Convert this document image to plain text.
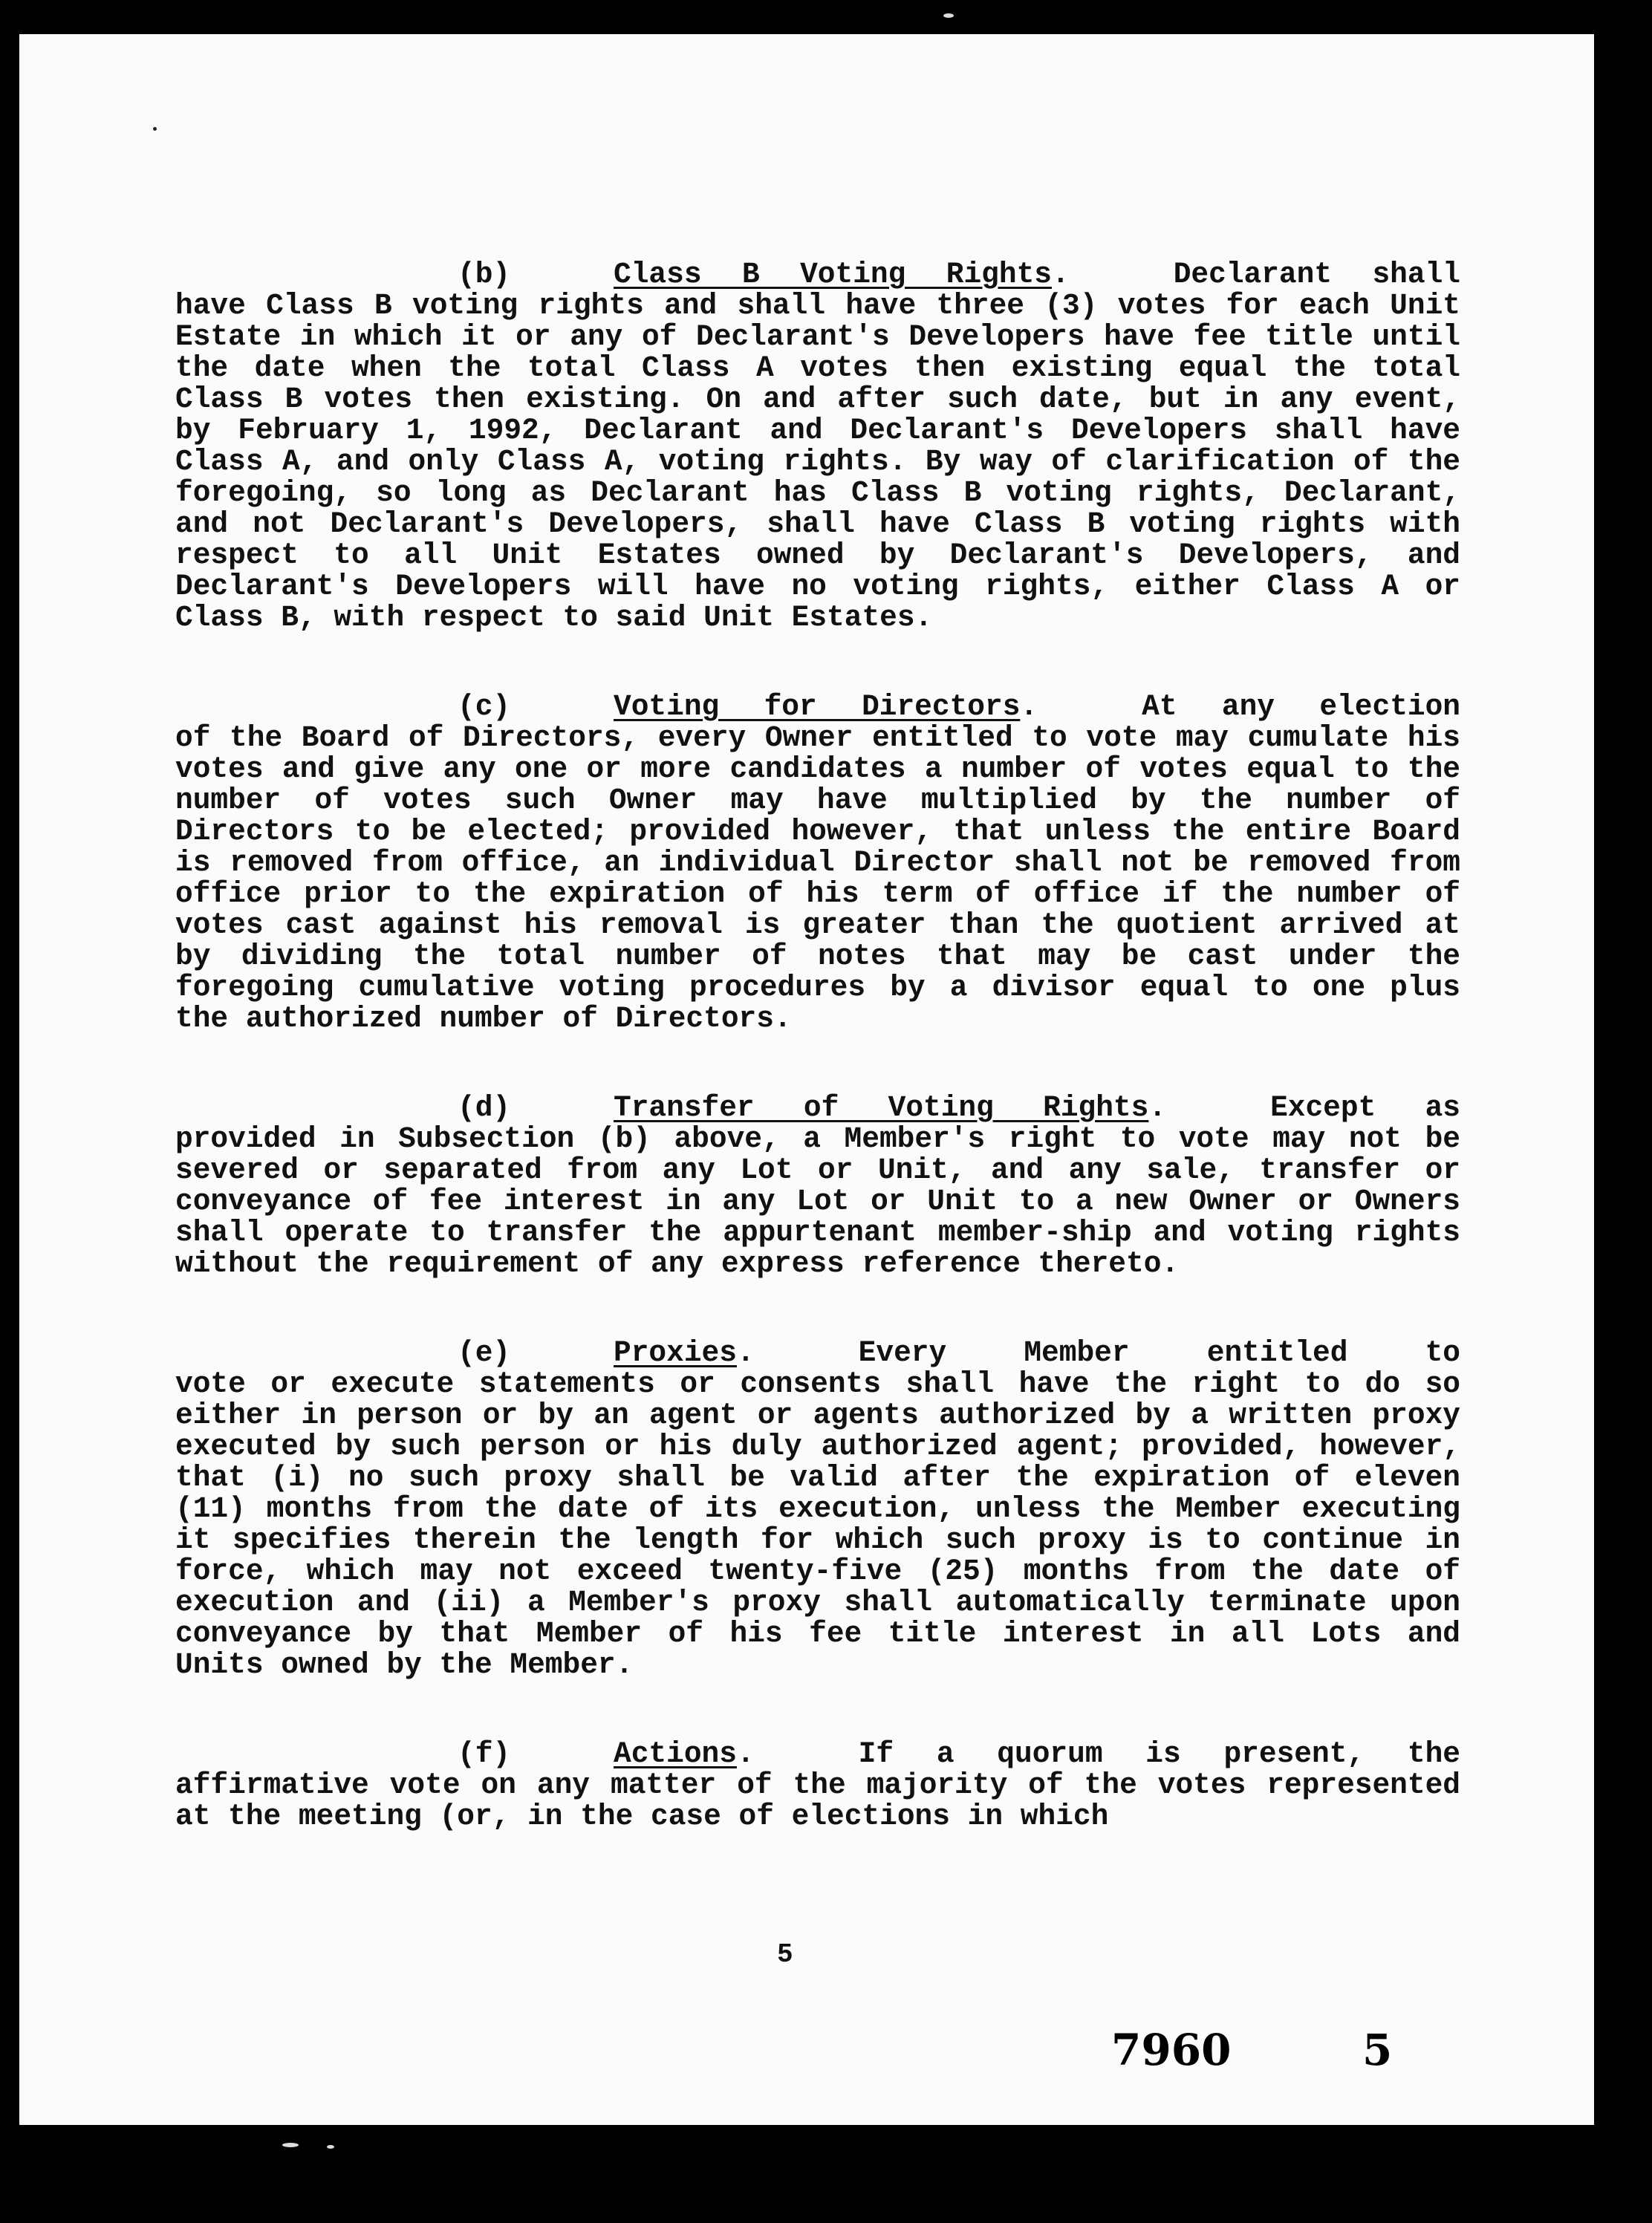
(b)	Class B Voting Rights.	Declarant shall
have Class B voting rights and shall have three (3) votes for each Unit Estate in which it or any of Declarant's Developers have fee title until the date when the total Class A votes then existing equal the total Class B votes then existing. On and after such date, but in any event, by February 1, 1992, Declarant and Declarant's Developers shall have Class A, and only Class A, voting rights. By way of clarification of the foregoing, so long as Declarant has Class B voting rights, Declarant, and not Declarant's Developers, shall have Class B voting rights with respect to all Unit Estates owned by Declarant's Developers, and Declarant's Developers will have no voting rights, either Class A or Class B, with respect to said Unit Estates.
(c)	Voting for Directors.	At any election
of the Board of Directors, every Owner entitled to vote may cumulate his votes and give any one or more candidates a number of votes equal to the number of votes such Owner may have multiplied by the number of Directors to be elected; provided however, that unless the entire Board is removed from office, an individual Director shall not be removed from office prior to the expiration of his term of office if the number of votes cast against his removal is greater than the quotient arrived at by dividing the total number of notes that may be cast under the foregoing cumulative voting procedures by a divisor equal to one plus the authorized number of Directors.
(d)	Transfer of Voting Rights.	Except as
provided in Subsection (b) above, a Member's right to vote may not be severed or separated from any Lot or Unit, and any sale, transfer or conveyance of fee interest in any Lot or Unit to a new Owner or Owners shall operate to transfer the appurtenant member-ship and voting rights without the requirement of any express reference thereto.
(e)	Proxies.	Every Member entitled to
vote or execute statements or consents shall have the right to do so either in person or by an agent or agents authorized by a written proxy executed by such person or his duly authorized agent; provided, however, that (i) no such proxy shall be valid after the expiration of eleven (11) months from the date of its execution, unless the Member executing it specifies therein the length for which such proxy is to continue in force, which may not exceed twenty-five (25) months from the date of execution and (ii) a Member's proxy shall automatically terminate upon conveyance by that Member of his fee title interest in all Lots and Units owned by the Member.
(f)	Actions.	If a quorum is present, the
affirmative vote on any matter of the majority of the votes represented at the meeting (or, in the case of elections in which
5
7960	5
